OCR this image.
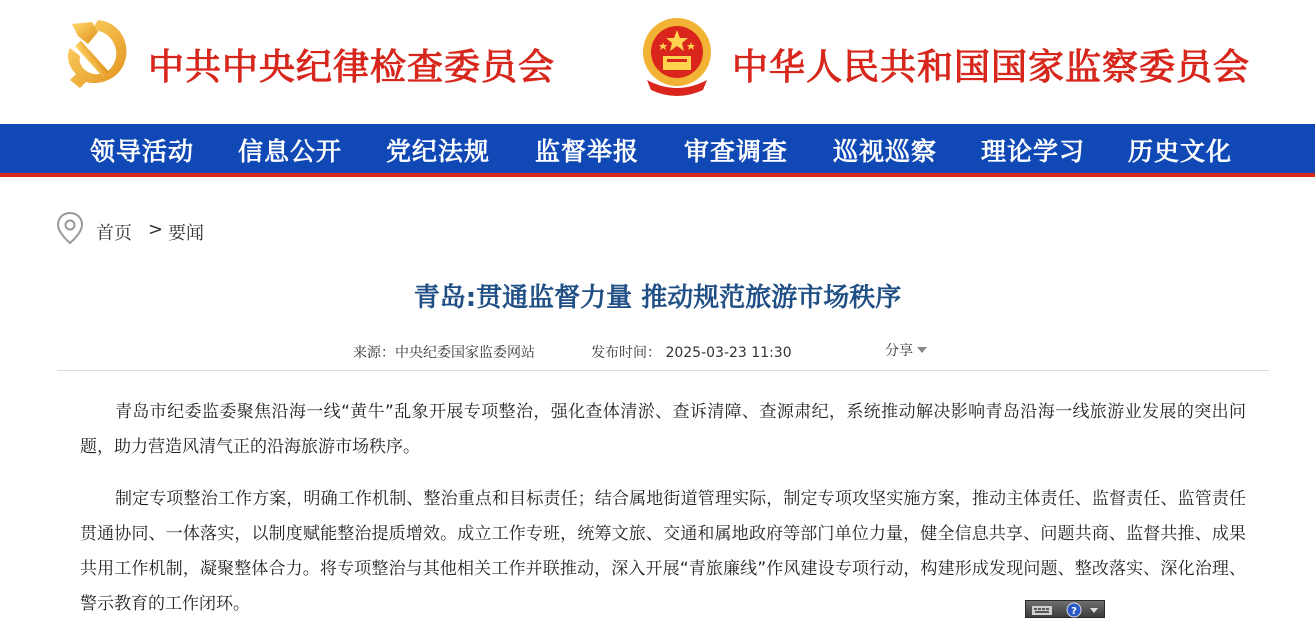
中共中央纪律检查委员会	中华人民共和国国家监察委员会
领导活动 信息公开 党纪法规 监督举报 审查调查 巡视巡察 理论学习 历史文化
首页 > 要闻
青岛:贯通监督力量 推动规范旅游市场秩序
来源：中央纪委国家监委网站	发布时间： 2025-03-23 11:30	分享

青岛市纪委监委聚焦沿海一线“黄牛”乱象开展专项整治，强化查体清淤、查诉清障、查源肃纪，系统推动解决影响青岛沿海一线旅游业发展的突出问题，助力营造风清气正的沿海旅游市场秩序。

制定专项整治工作方案，明确工作机制、整治重点和目标责任；结合属地街道管理实际，制定专项攻坚实施方案，推动主体责任、监督责任、监管责任贯通协同、一体落实，以制度赋能整治提质增效。成立工作专班，统筹文旅、交通和属地政府等部门单位力量，健全信息共享、问题共商、监督共推、成果共用工作机制，凝聚整体合力。将专项整治与其他相关工作并联推动，深入开展“青旅廉线”作风建设专项行动，构建形成发现问题、整改落实、深化治理、警示教育的工作闭环。	?
